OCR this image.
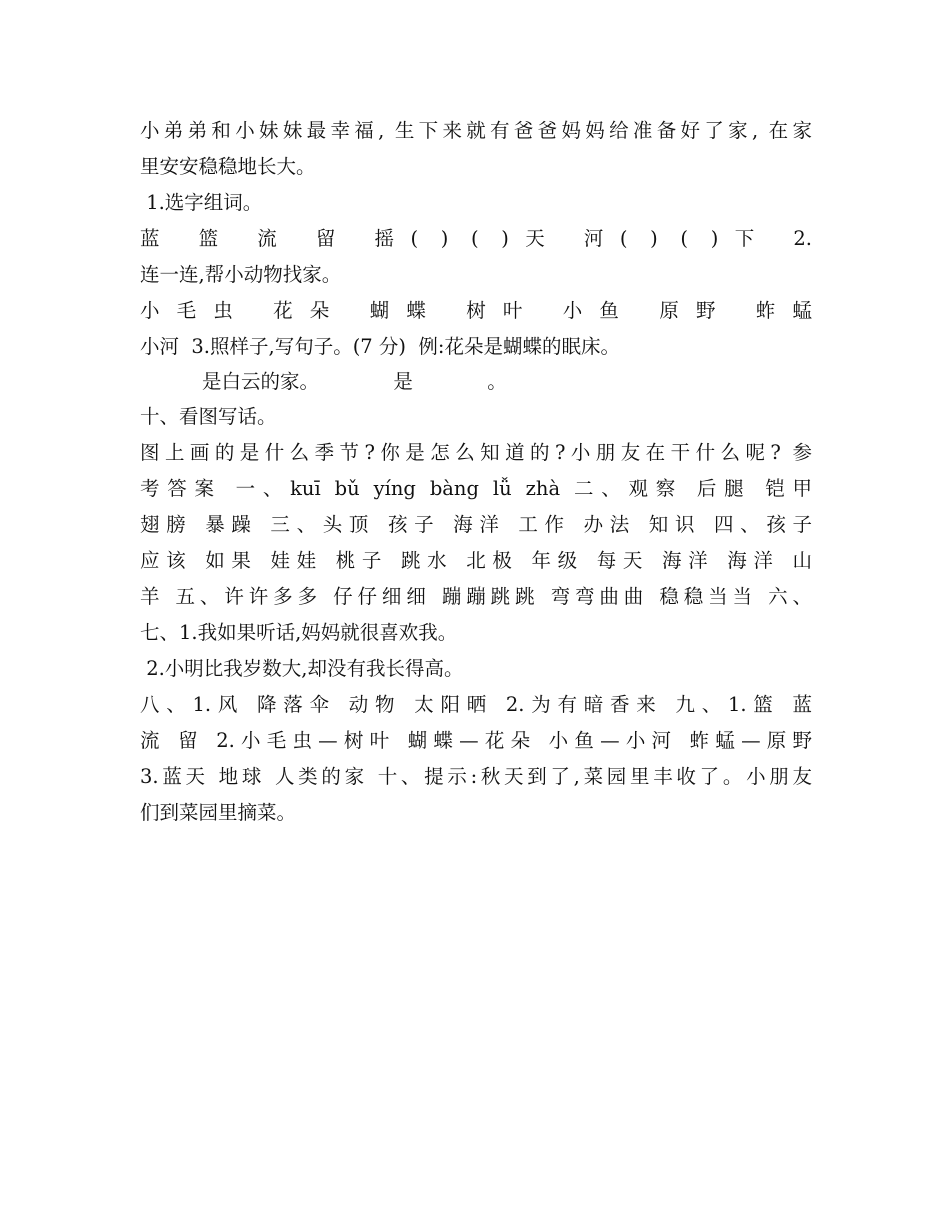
小弟弟和小妹妹最幸福, 生下来就有爸爸妈妈给准备好了家, 在家
里安安稳稳地长大。
1.选字组词。
蓝 篮 流 留 摇( ) ( )天 河( ) ( )下 2.
连一连,帮小动物找家。
小毛虫 花朵 蝴蝶 树叶 小鱼 原野 蚱蜢
小河  3.照样子,写句子。(7 分)  例:花朵是蝴蝶的眠床。
是白云的家。            是            。
十、看图写话。
图上画的是什么季节?你是怎么知道的?小朋友在干什么呢? 参
考答案 一、kuī bǔ yíng bàng lǚ zhà 二、观察 后腿 铠甲
翅膀 暴躁 三、头顶 孩子 海洋 工作 办法 知识 四、孩子
应该 如果 娃娃 桃子 跳水 北极 年级 每天 海洋 海洋 山
羊 五、许许多多 仔仔细细 蹦蹦跳跳 弯弯曲曲 稳稳当当 六、
七、1.我如果听话,妈妈就很喜欢我。
2.小明比我岁数大,却没有我长得高。
八、1.风 降落伞 动物 太阳晒 2.为有暗香来 九、1.篮 蓝
流 留 2.小毛虫—树叶 蝴蝶—花朵 小鱼—小河 蚱蜢—原野
3.蓝天 地球 人类的家 十、提示:秋天到了,菜园里丰收了。小朋友
们到菜园里摘菜。
